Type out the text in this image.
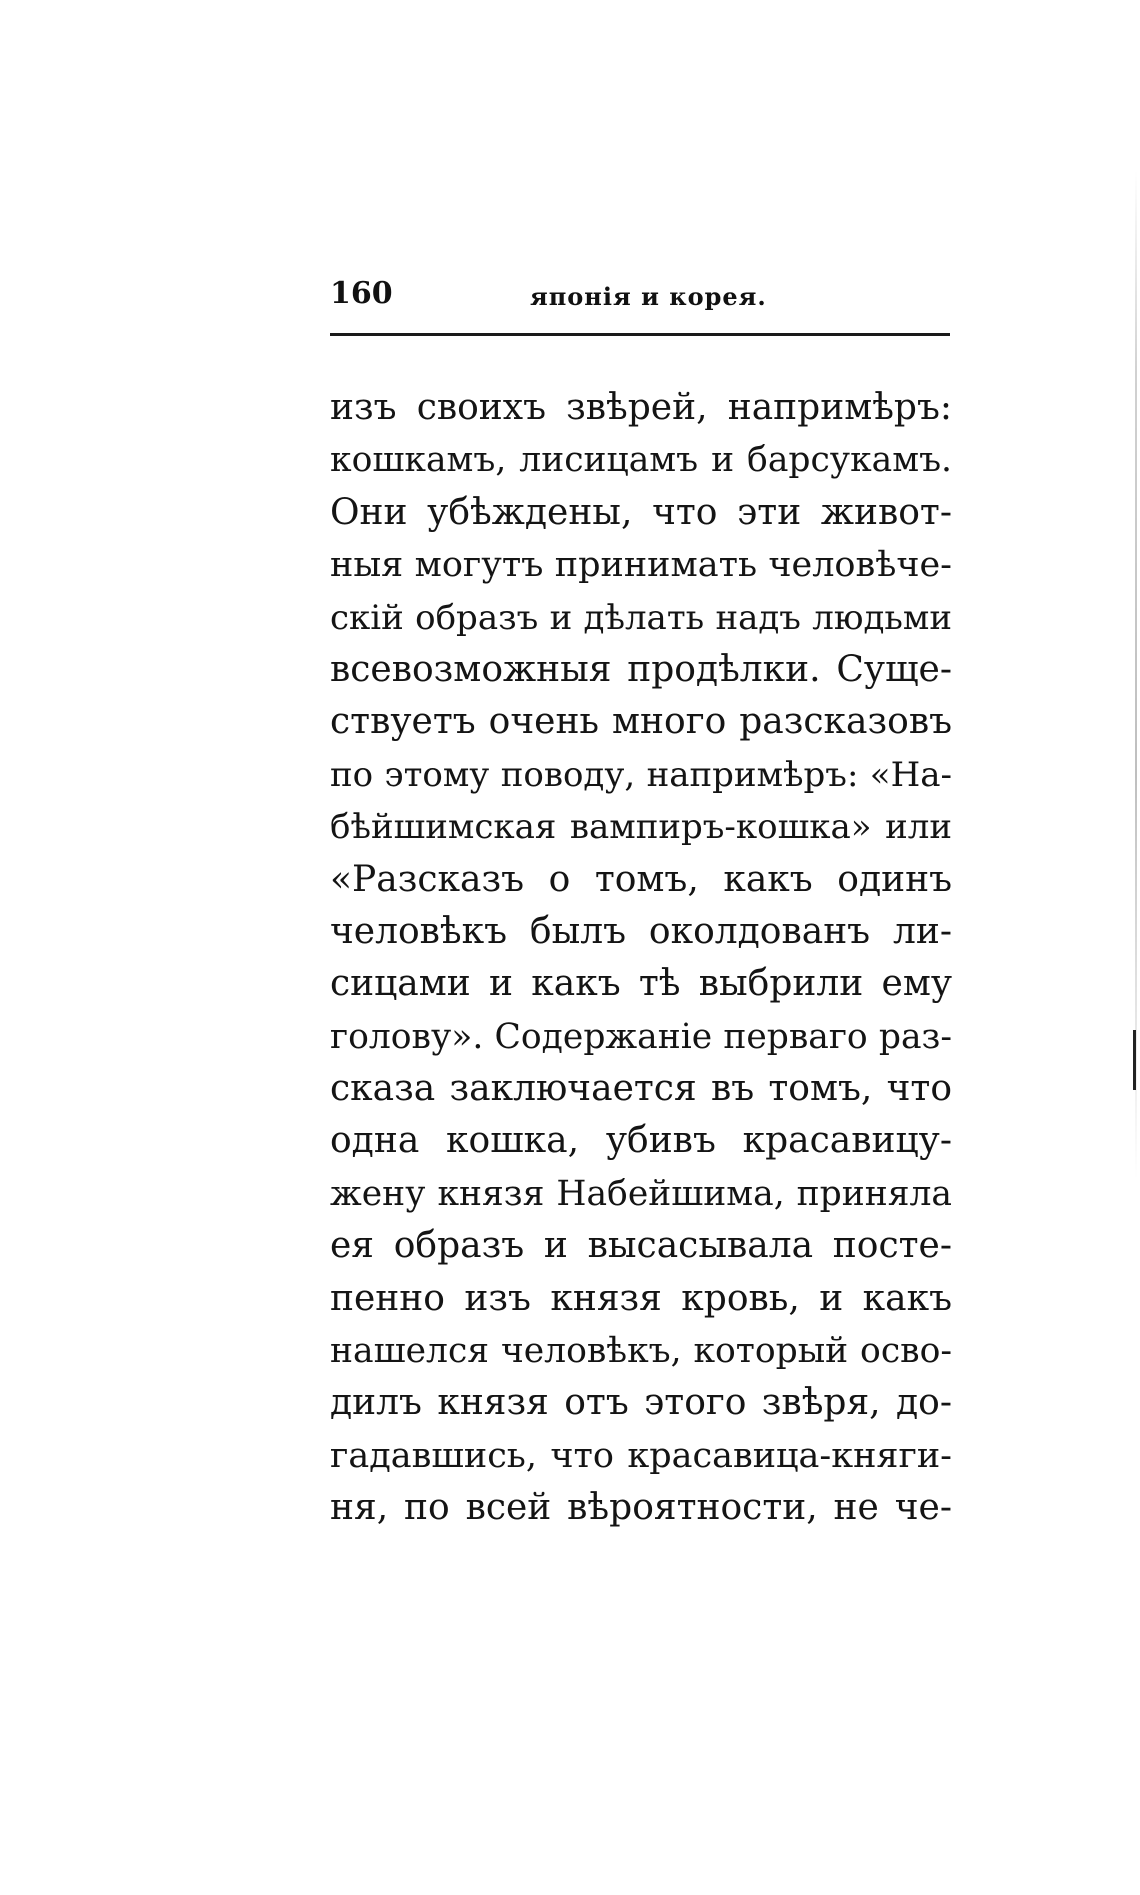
160	японія и корея.
изъ своихъ звѣрей, напримѣръ:
кошкамъ, лисицамъ и барсукамъ.
Они убѣждены, что эти живот-
ныя могутъ принимать человѣче-
скій образъ и дѣлать надъ людьми
всевозможныя продѣлки. Суще-
ствуетъ очень много разсказовъ
по этому поводу, напримѣръ: «На-
бѣйшимская вампиръ-кошка» или
«Разсказъ о томъ, какъ одинъ
человѣкъ былъ околдованъ ли-
сицами и какъ тѣ выбрили ему
голову». Содержаніе перваго раз-
сказа заключается въ томъ, что
одна кошка, убивъ красавицу-
жену князя Набейшима, приняла
ея образъ и высасывала посте-
пенно изъ князя кровь, и какъ
нашелся человѣкъ, который осво-
дилъ князя отъ этого звѣря, до-
гадавшись, что красавица-княги-
ня, по всей вѣроятности, не че-
